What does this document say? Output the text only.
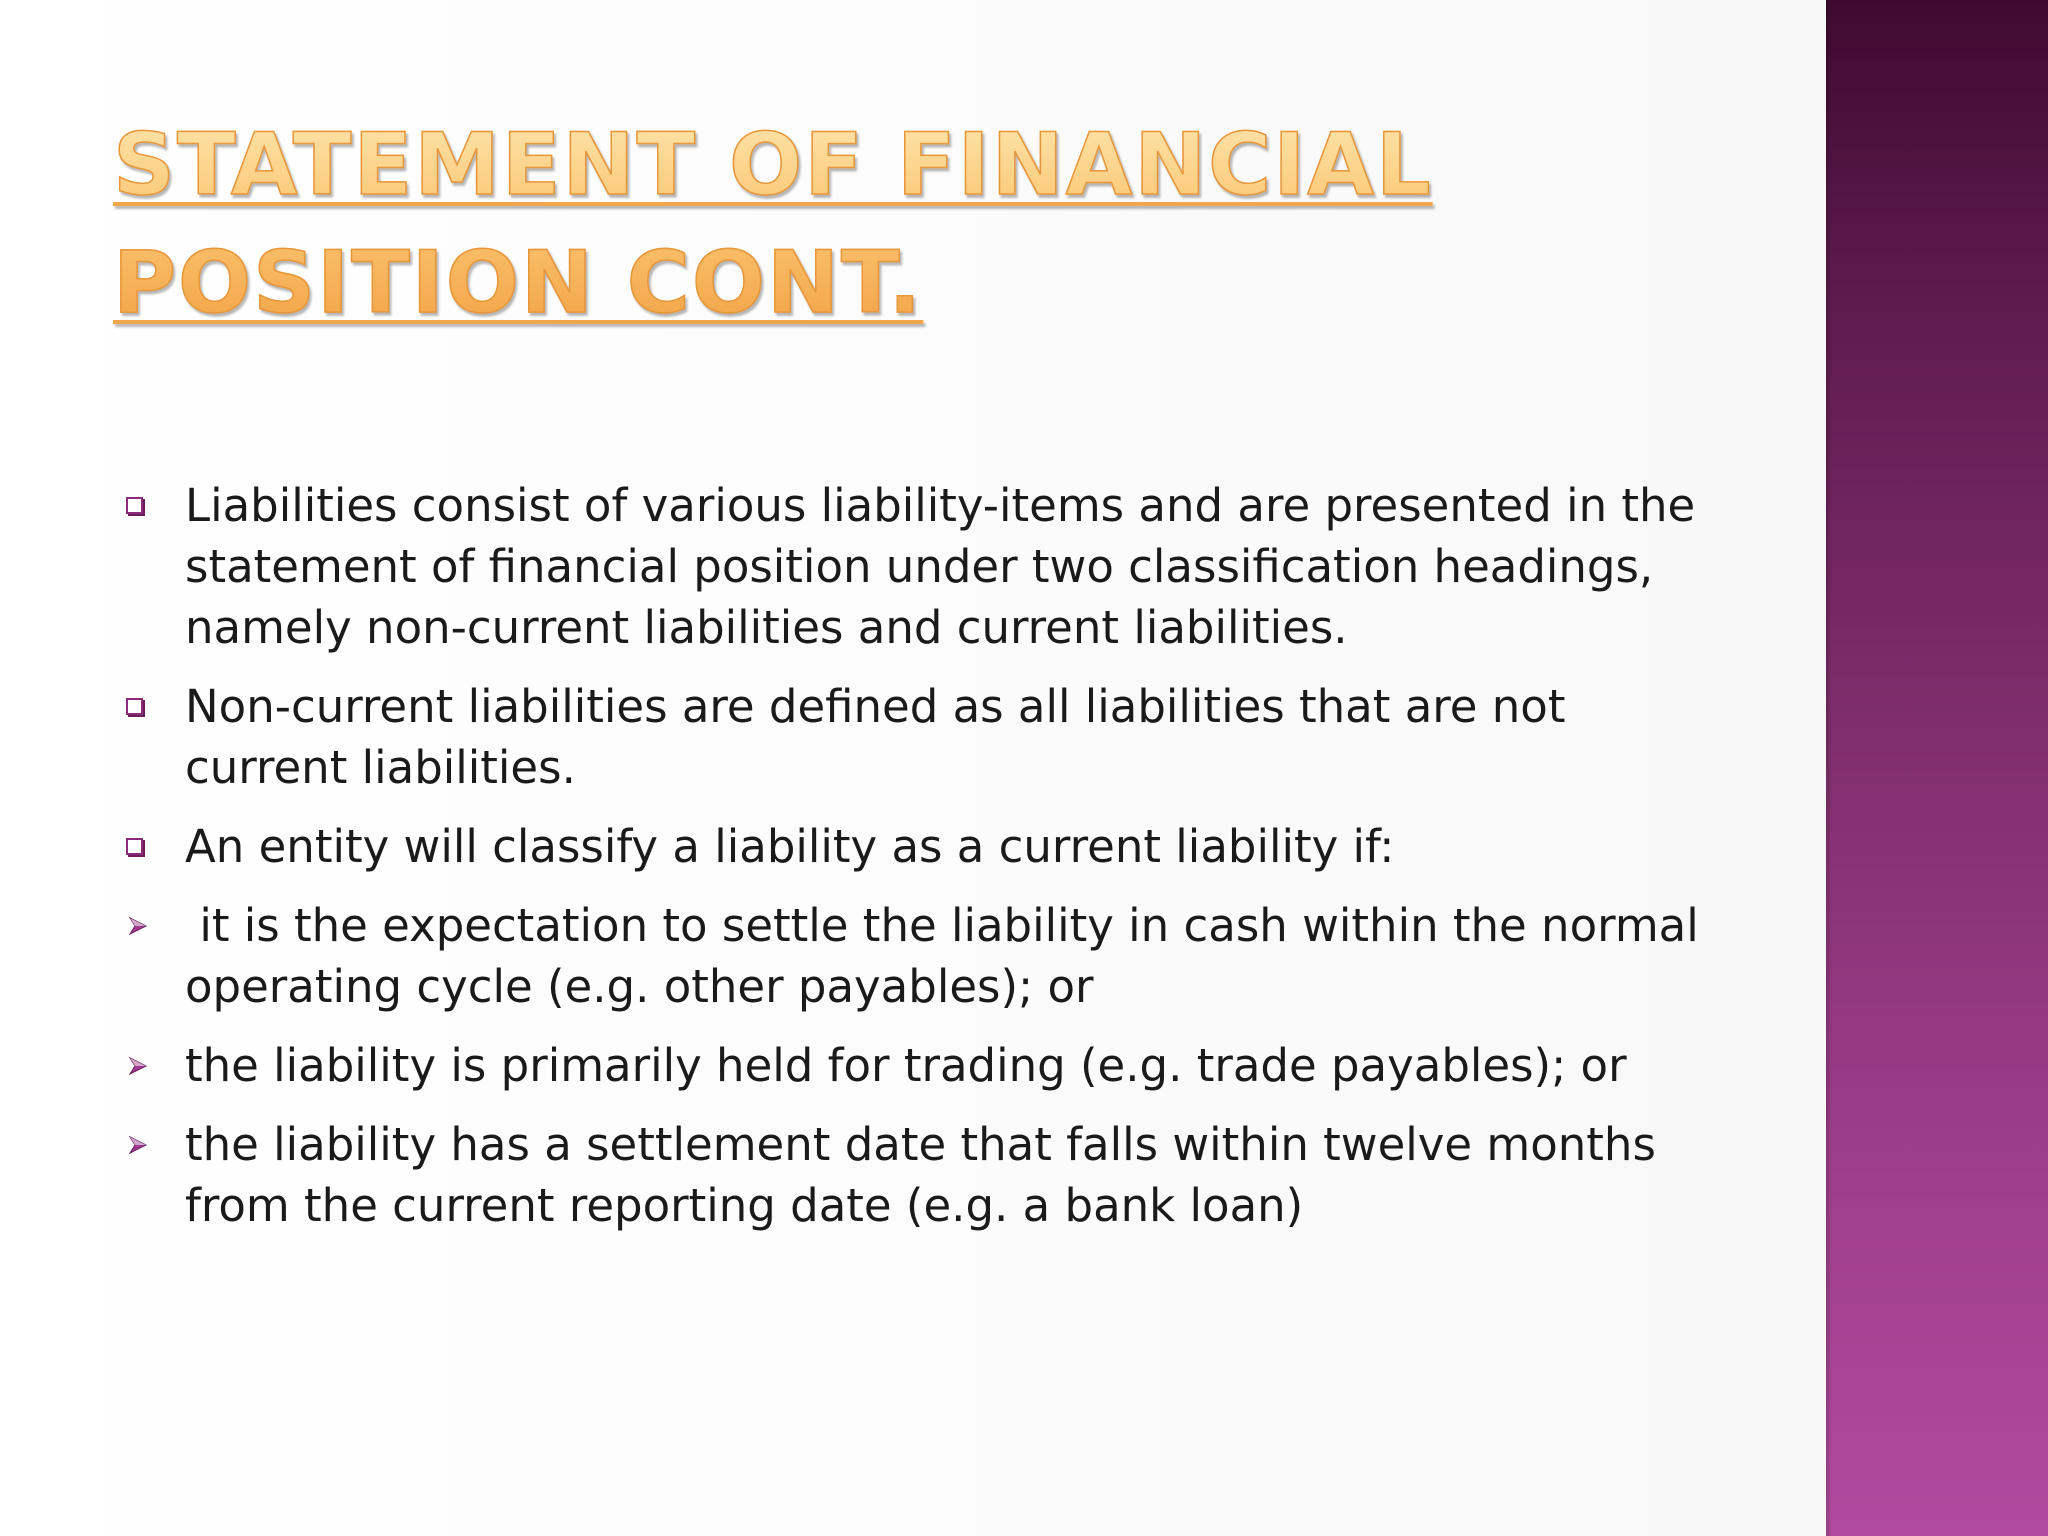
STATEMENT OF FINANCIAL
POSITION CONT.
Liabilities consist of various liability-items and are presented in the statement of financial position under two classification headings, namely non-current liabilities and current liabilities.
Non-current liabilities are defined as all liabilities that are not current liabilities.
An entity will classify a liability as a current liability if:
it is the expectation to settle the liability in cash within the normal operating cycle (e.g. other payables); or
the liability is primarily held for trading (e.g. trade payables); or
the liability has a settlement date that falls within twelve months from the current reporting date (e.g. a bank loan)
